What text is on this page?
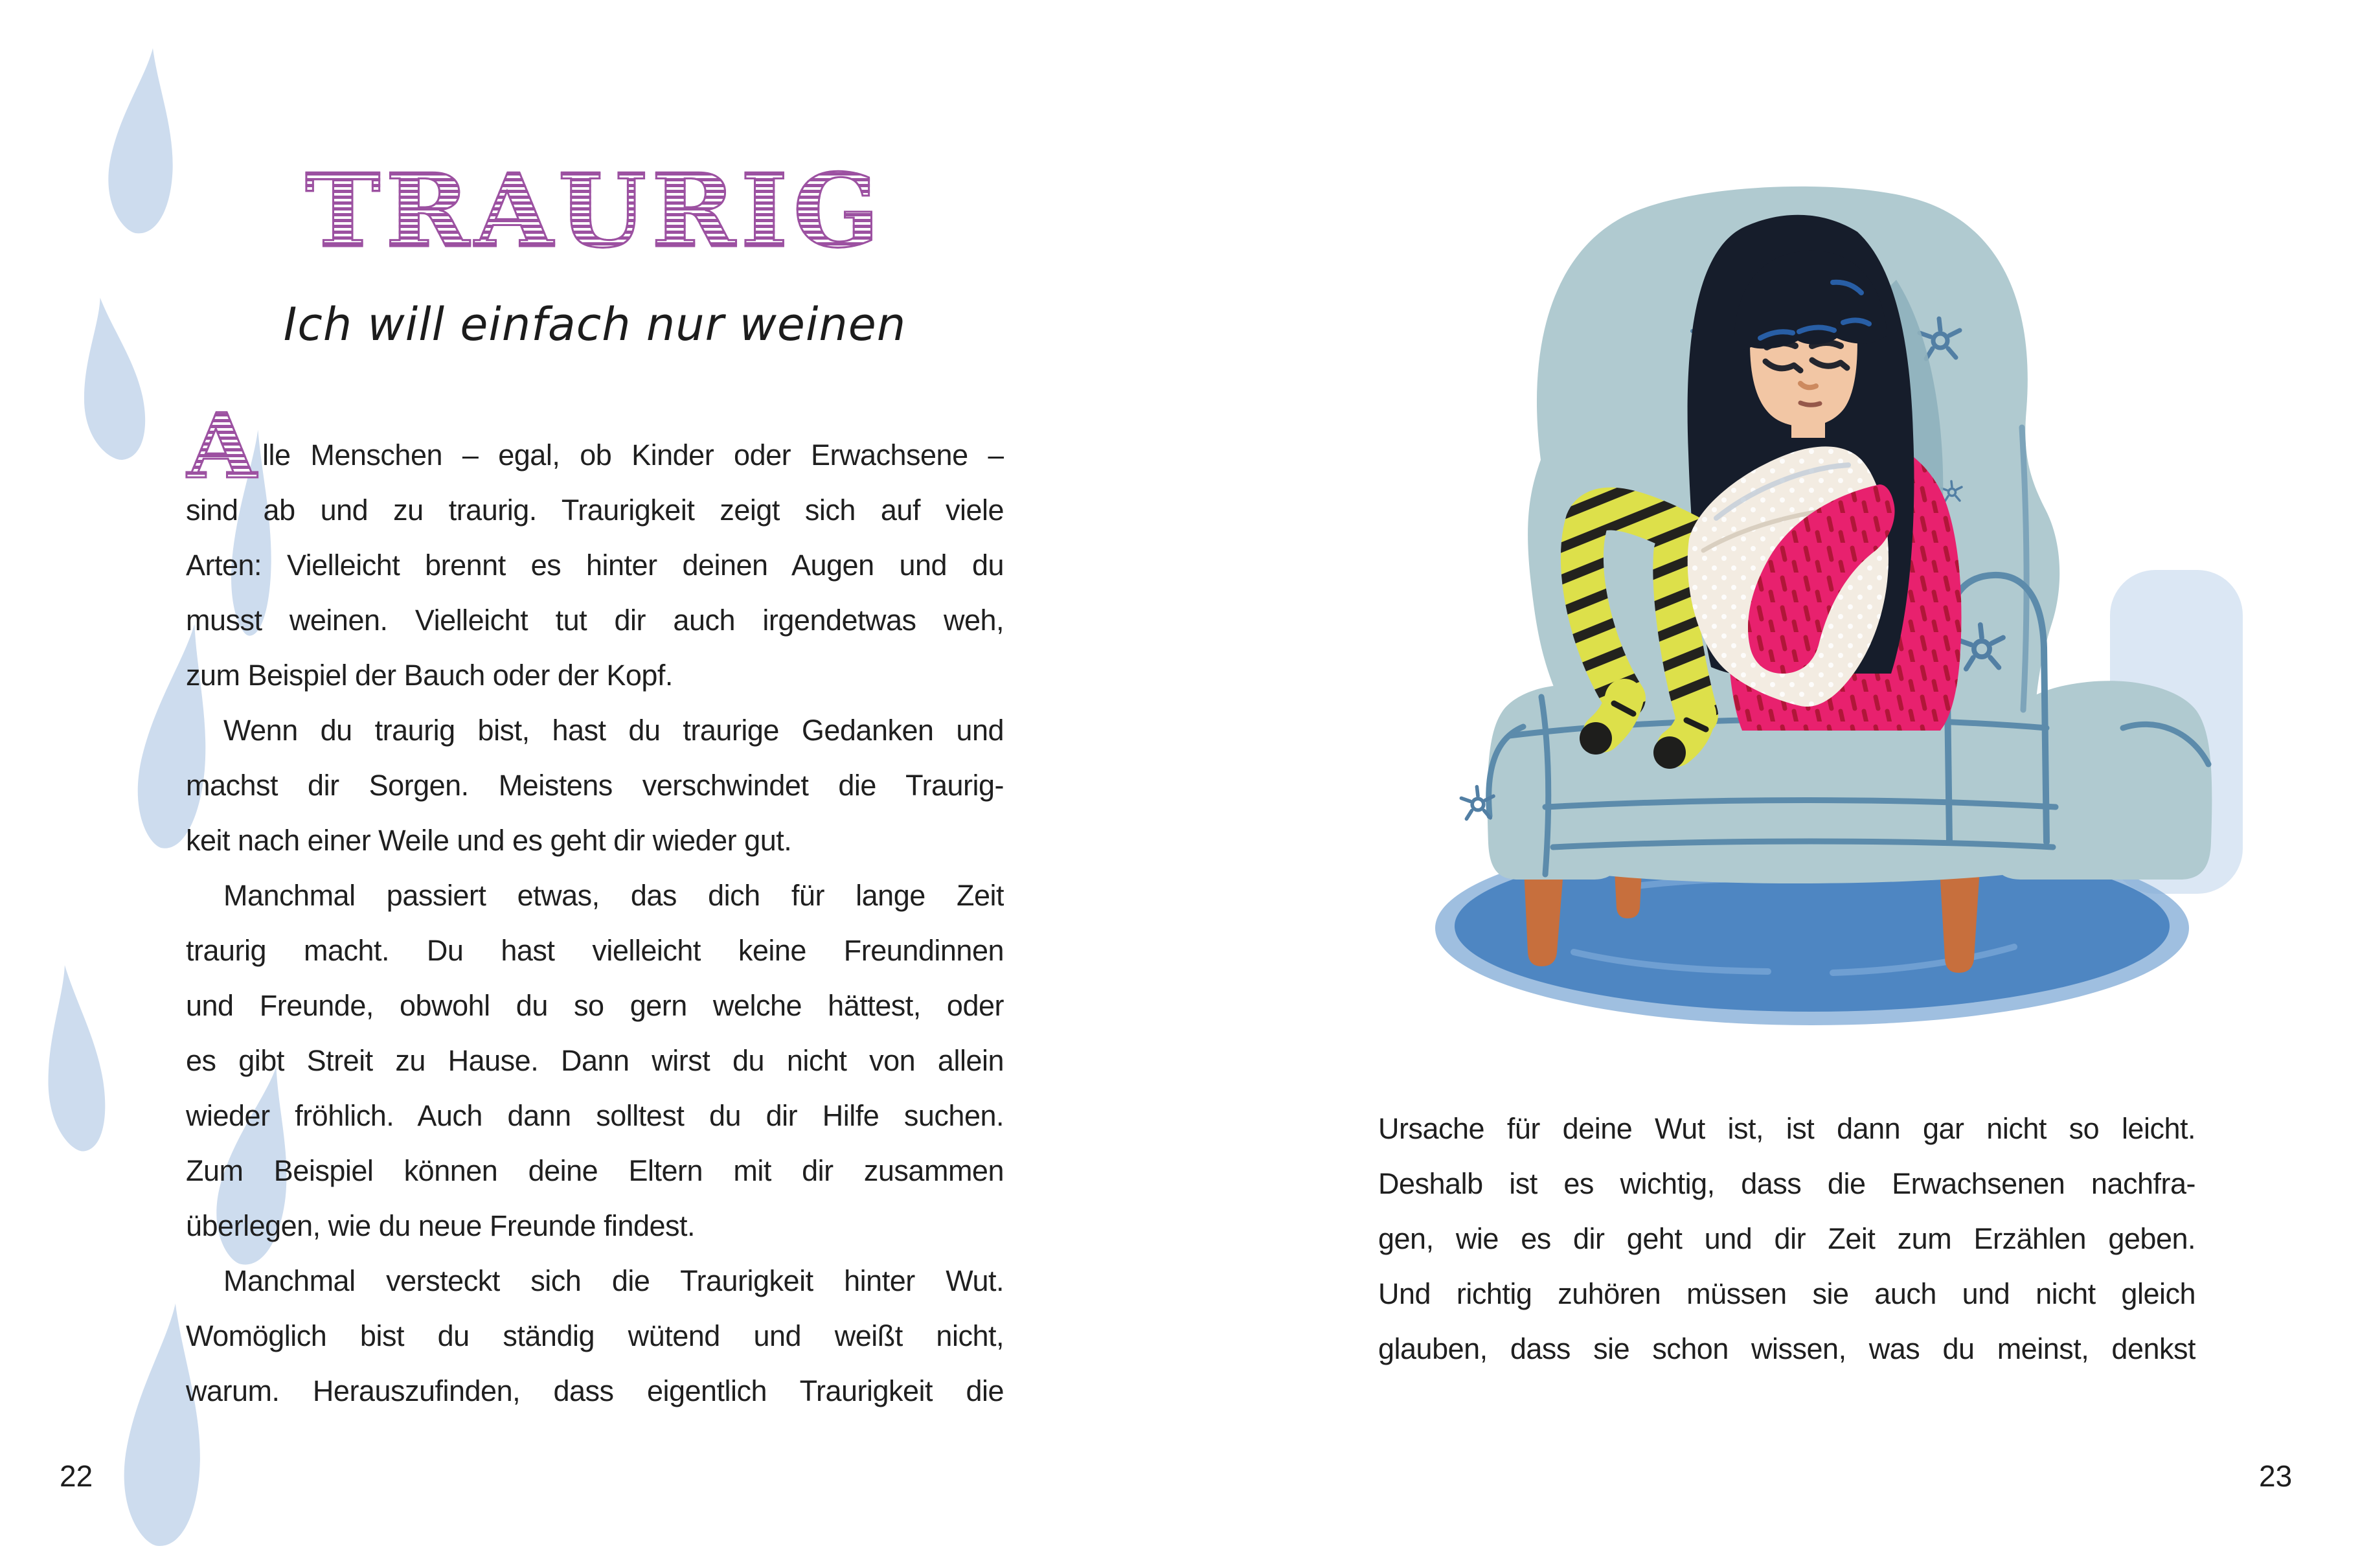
TRAURIG
Ich will einfach nur weinen
A lle Menschen – egal, ob Kinder oder Erwachsene –
sind ab und zu traurig. Traurigkeit zeigt sich auf viele
Arten: Vielleicht brennt es hinter deinen Augen und du
musst weinen. Vielleicht tut dir auch irgendetwas weh,
zum Beispiel der Bauch oder der Kopf.
Wenn du traurig bist, hast du traurige Gedanken und
machst dir Sorgen. Meistens verschwindet die Traurig-
keit nach einer Weile und es geht dir wieder gut.
Manchmal passiert etwas, das dich für lange Zeit
traurig macht. Du hast vielleicht keine Freundinnen
und Freunde, obwohl du so gern welche hättest, oder
es gibt Streit zu Hause. Dann wirst du nicht von allein
wieder fröhlich. Auch dann solltest du dir Hilfe suchen.
Zum Beispiel können deine Eltern mit dir zusammen
überlegen, wie du neue Freunde findest.
Manchmal versteckt sich die Traurigkeit hinter Wut.
Womöglich bist du ständig wütend und weißt nicht,
warum. Herauszufinden, dass eigentlich Traurigkeit die
22
Ursache für deine Wut ist, ist dann gar nicht so leicht.
Deshalb ist es wichtig, dass die Erwachsenen nachfra-
gen, wie es dir geht und dir Zeit zum Erzählen geben.
Und richtig zuhören müssen sie auch und nicht gleich
glauben, dass sie schon wissen, was du meinst, denkst
23
